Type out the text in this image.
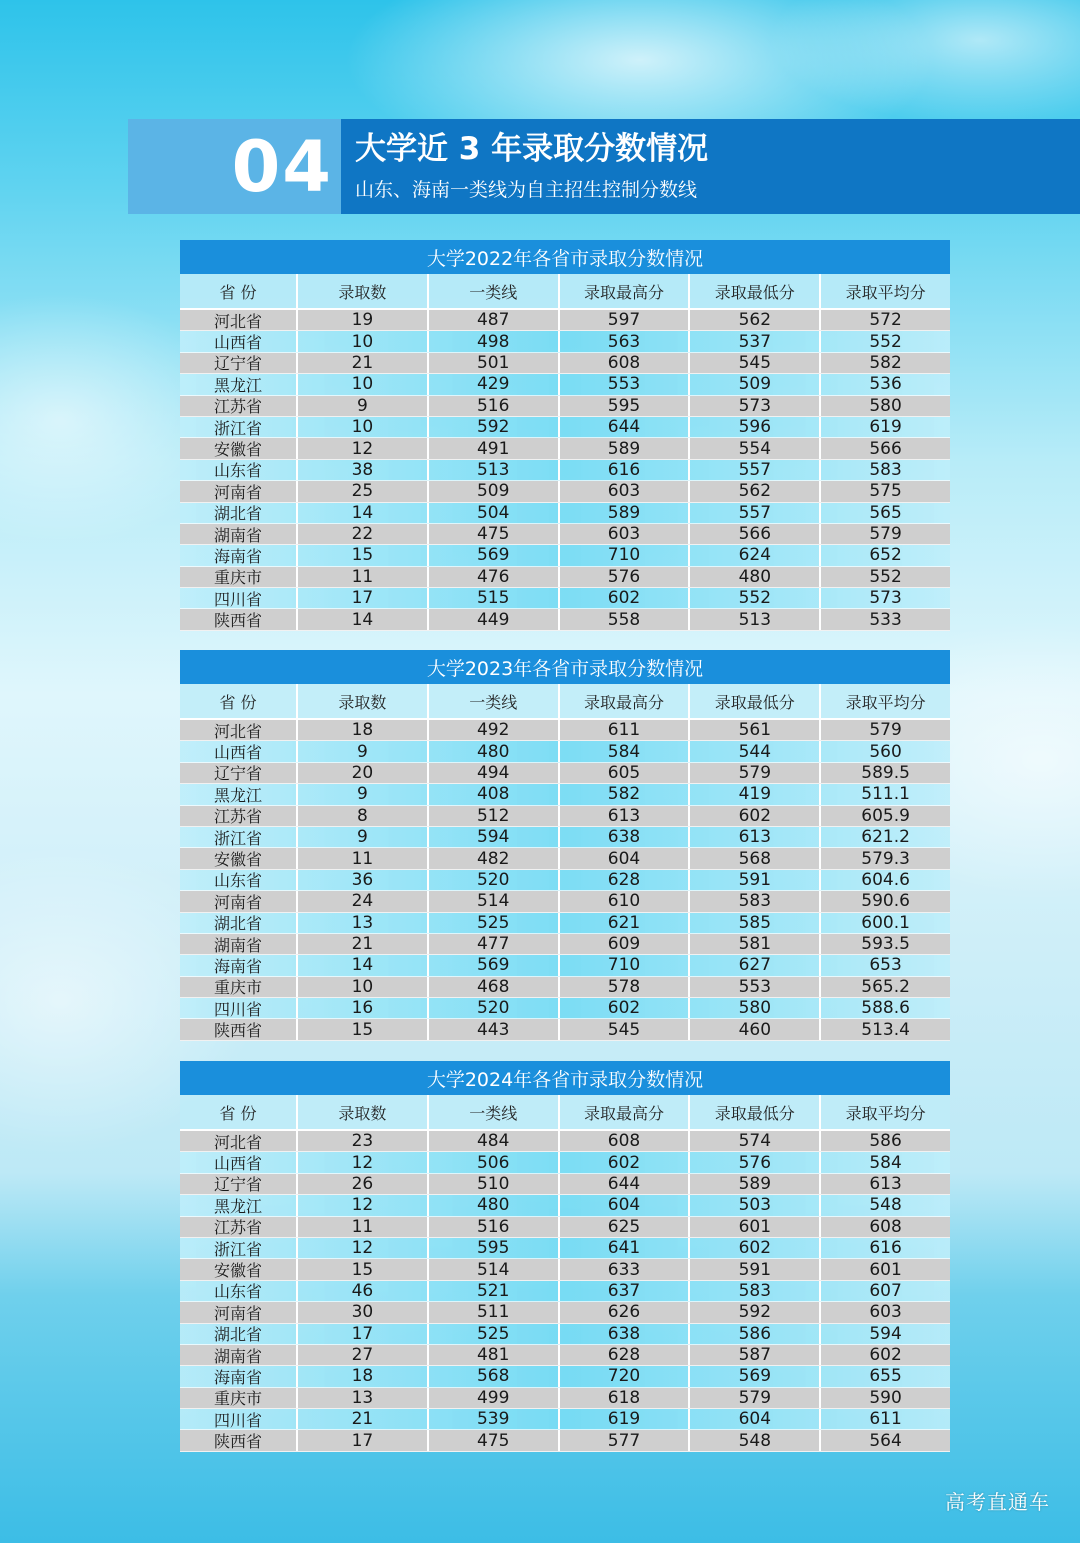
04 大学近 3 年录取分数情况
山东、海南一类线为自主招生控制分数线
大学2022年各省市录取分数情况
省 份	录取数	一类线	录取最高分	录取最低分	录取平均分
河北省	19	487	597	562	572
山西省	10	498	563	537	552
辽宁省	21	501	608	545	582
黑龙江	10	429	553	509	536
江苏省	9	516	595	573	580
浙江省	10	592	644	596	619
安徽省	12	491	589	554	566
山东省	38	513	616	557	583
河南省	25	509	603	562	575
湖北省	14	504	589	557	565
湖南省	22	475	603	566	579
海南省	15	569	710	624	652
重庆市	11	476	576	480	552
四川省	17	515	602	552	573
陕西省	14	449	558	513	533
大学2023年各省市录取分数情况
省 份	录取数	一类线	录取最高分	录取最低分	录取平均分
河北省	18	492	611	561	579
山西省	9	480	584	544	560
辽宁省	20	494	605	579	589.5
黑龙江	9	408	582	419	511.1
江苏省	8	512	613	602	605.9
浙江省	9	594	638	613	621.2
安徽省	11	482	604	568	579.3
山东省	36	520	628	591	604.6
河南省	24	514	610	583	590.6
湖北省	13	525	621	585	600.1
湖南省	21	477	609	581	593.5
海南省	14	569	710	627	653
重庆市	10	468	578	553	565.2
四川省	16	520	602	580	588.6
陕西省	15	443	545	460	513.4
大学2024年各省市录取分数情况
省 份	录取数	一类线	录取最高分	录取最低分	录取平均分
河北省	23	484	608	574	586
山西省	12	506	602	576	584
辽宁省	26	510	644	589	613
黑龙江	12	480	604	503	548
江苏省	11	516	625	601	608
浙江省	12	595	641	602	616
安徽省	15	514	633	591	601
山东省	46	521	637	583	607
河南省	30	511	626	592	603
湖北省	17	525	638	586	594
湖南省	27	481	628	587	602
海南省	18	568	720	569	655
重庆市	13	499	618	579	590
四川省	21	539	619	604	611
陕西省	17	475	577	548	564
高考直通车
